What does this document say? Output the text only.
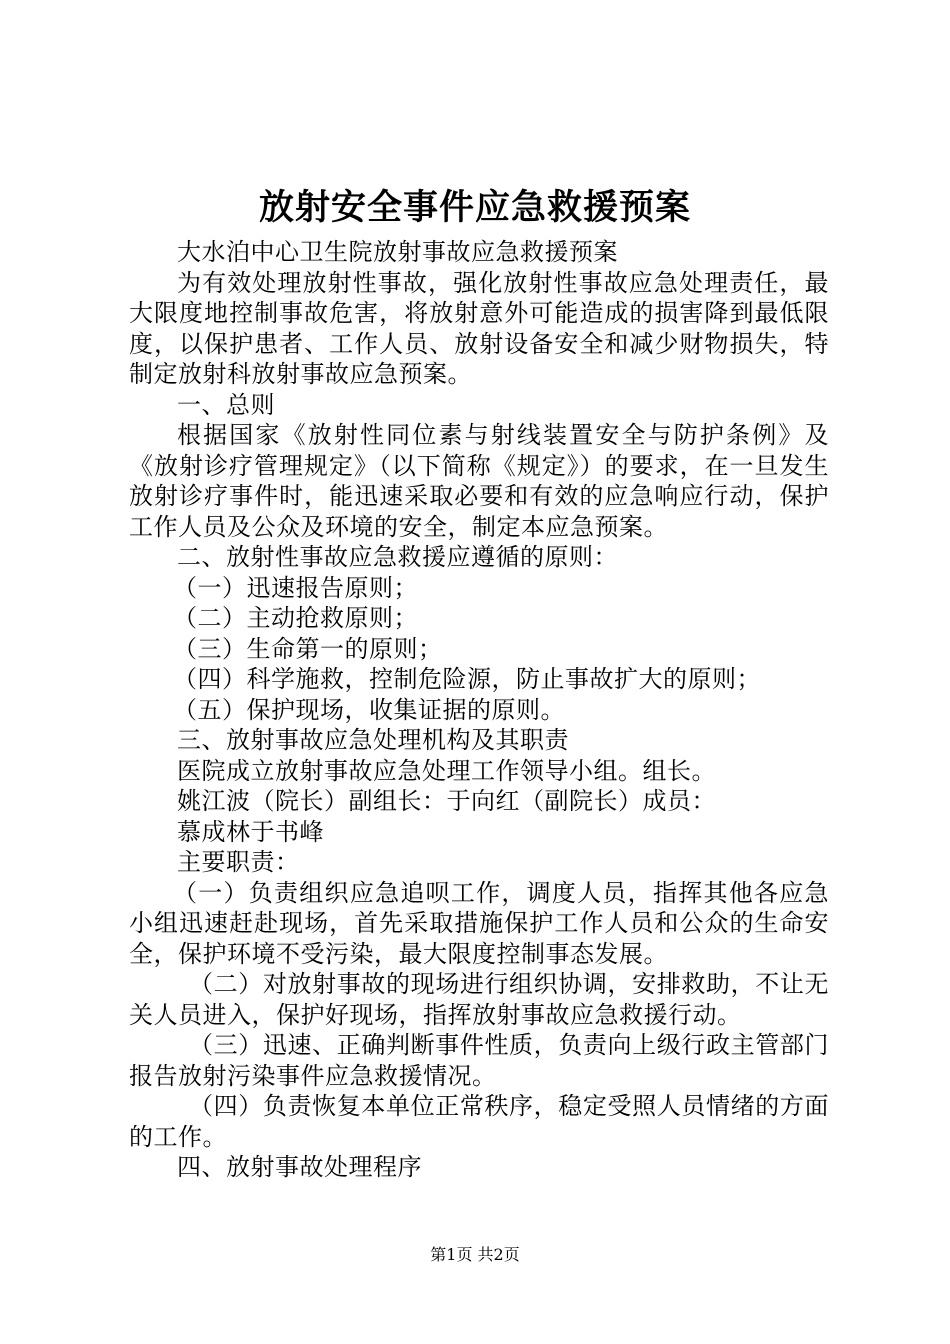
放射安全事件应急救援预案

大水泊中心卫生院放射事故应急救援预案

为有效处理放射性事故，强化放射性事故应急处理责任，最大限度地控制事故危害，将放射意外可能造成的损害降到最低限度，以保护患者、工作人员、放射设备安全和减少财物损失，特制定放射科放射事故应急预案。

一、总则

根据国家《放射性同位素与射线装置安全与防护条例》及《放射诊疗管理规定》（以下简称《规定》）的要求，在一旦发生放射诊疗事件时，能迅速采取必要和有效的应急响应行动，保护工作人员及公众及环境的安全，制定本应急预案。

二、放射性事故应急救援应遵循的原则：

（一）迅速报告原则；

（二）主动抢救原则；

（三）生命第一的原则；

（四）科学施救，控制危险源，防止事故扩大的原则；

（五）保护现场，收集证据的原则。

三、放射事故应急处理机构及其职责

医院成立放射事故应急处理工作领导小组。组长。

姚江波（院长）副组长：于向红（副院长）成员：

慕成林于书峰

主要职责：

（一）负责组织应急追呗工作，调度人员，指挥其他各应急小组迅速赶赴现场，首先采取措施保护工作人员和公众的生命安全，保护环境不受污染，最大限度控制事态发展。

（二）对放射事故的现场进行组织协调，安排救助，不让无关人员进入，保护好现场，指挥放射事故应急救援行动。

（三）迅速、正确判断事件性质，负责向上级行政主管部门报告放射污染事件应急救援情况。

（四）负责恢复本单位正常秩序，稳定受照人员情绪的方面的工作。

四、放射事故处理程序

第1页 共2页
